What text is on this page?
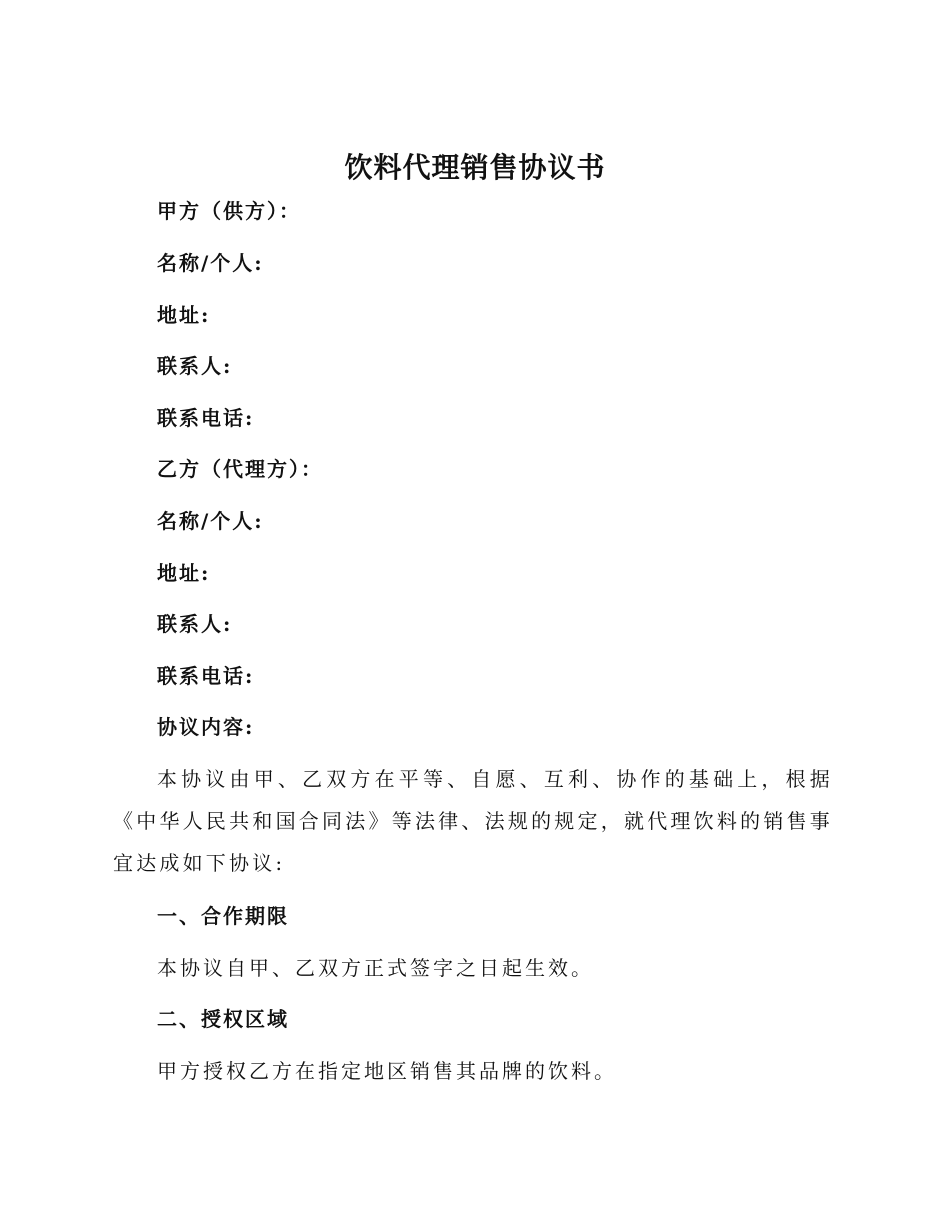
饮料代理销售协议书
甲方（供方）：
名称/个人:
地址:
联系人:
联系电话:
乙方（代理方）：
名称/个人:
地址:
联系人:
联系电话:
协议内容:
本协议由甲、乙双方在平等、自愿、互利、协作的基础上，根据《中华人民共和国合同法》等法律、法规的规定，就代理饮料的销售事宜达成如下协议:
一、合作期限
本协议自甲、乙双方正式签字之日起生效。
二、授权区域
甲方授权乙方在指定地区销售其品牌的饮料。
